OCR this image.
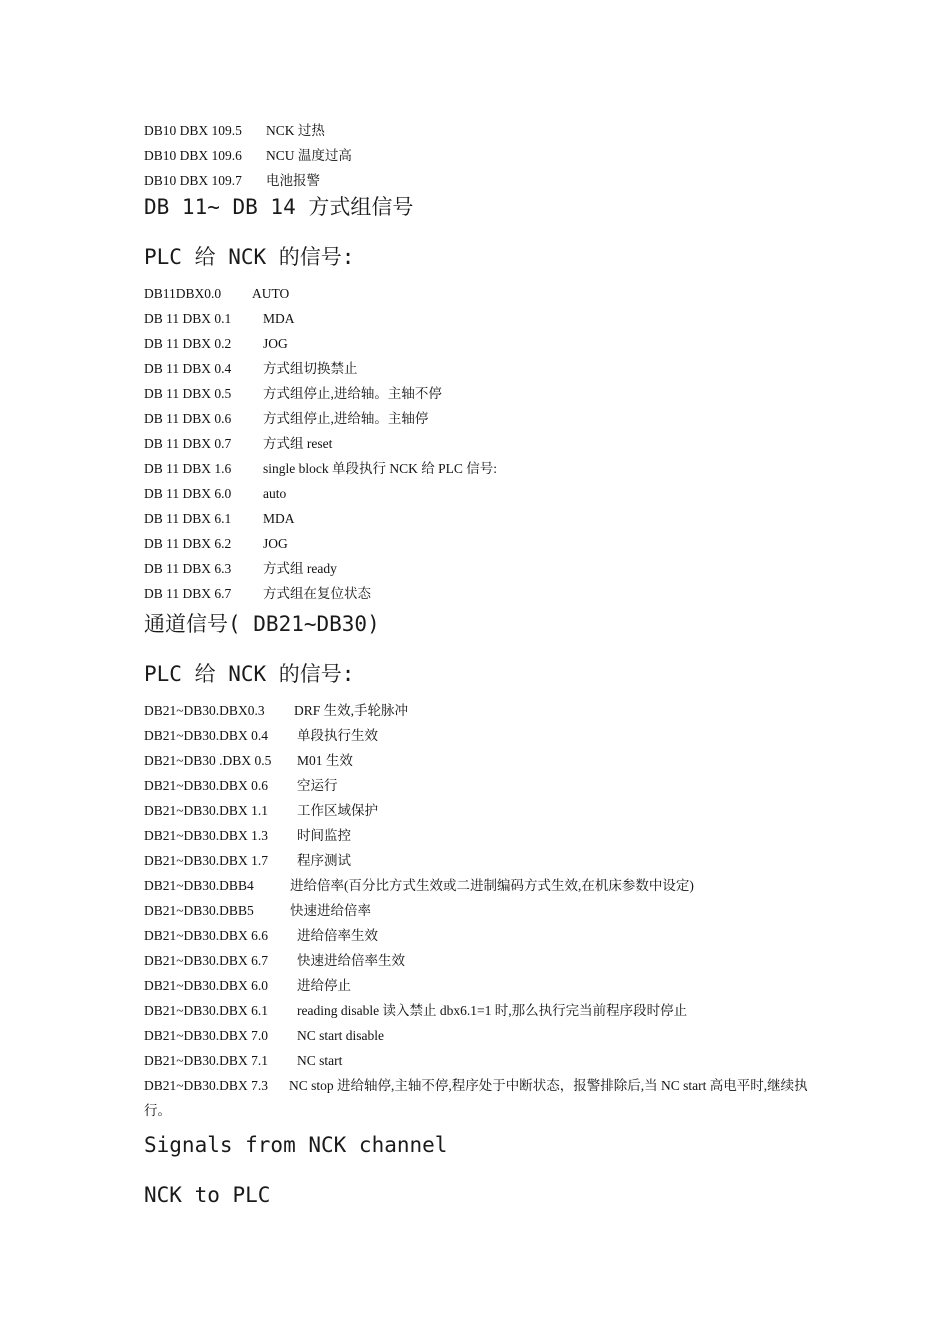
DB10 DBX 109.5 NCK 过热
DB10 DBX 109.6 NCU 温度过高
DB10 DBX 109.7 电池报警
DB 11~ DB 14 方式组信号
PLC 给 NCK 的信号:
DB11DBX0.0 AUTO
DB 11 DBX 0.1 MDA
DB 11 DBX 0.2 JOG
DB 11 DBX 0.4 方式组切换禁止
DB 11 DBX 0.5 方式组停止,进给轴。主轴不停
DB 11 DBX 0.6 方式组停止,进给轴。主轴停
DB 11 DBX 0.7 方式组 reset
DB 11 DBX 1.6 single block 单段执行 NCK 给 PLC 信号:
DB 11 DBX 6.0 auto
DB 11 DBX 6.1 MDA
DB 11 DBX 6.2 JOG
DB 11 DBX 6.3 方式组 ready
DB 11 DBX 6.7 方式组在复位状态
通道信号( DB21~DB30)
PLC 给 NCK 的信号:
DB21~DB30.DBX0.3 DRF 生效,手轮脉冲
DB21~DB30.DBX 0.4 单段执行生效
DB21~DB30 .DBX 0.5 M01 生效
DB21~DB30.DBX 0.6 空运行
DB21~DB30.DBX 1.1 工作区域保护
DB21~DB30.DBX 1.3 时间监控
DB21~DB30.DBX 1.7 程序测试
DB21~DB30.DBB4	进给倍率(百分比方式生效或二进制编码方式生效,在机床参数中设定)
DB21~DB30.DBB5	快速进给倍率
DB21~DB30.DBX 6.6 进给倍率生效
DB21~DB30.DBX 6.7 快速进给倍率生效
DB21~DB30.DBX 6.0 进给停止
DB21~DB30.DBX 6.1 reading disable 读入禁止 dbx6.1=1 时,那么执行完当前程序段时停止
DB21~DB30.DBX 7.0 NC start disable
DB21~DB30.DBX 7.1 NC start
DB21~DB30.DBX 7.3 NC stop 进给轴停,主轴不停,程序处于中断状态，报警排除后,当 NC start 高电平时,继续执行。
Signals from NCK channel
NCK to PLC
